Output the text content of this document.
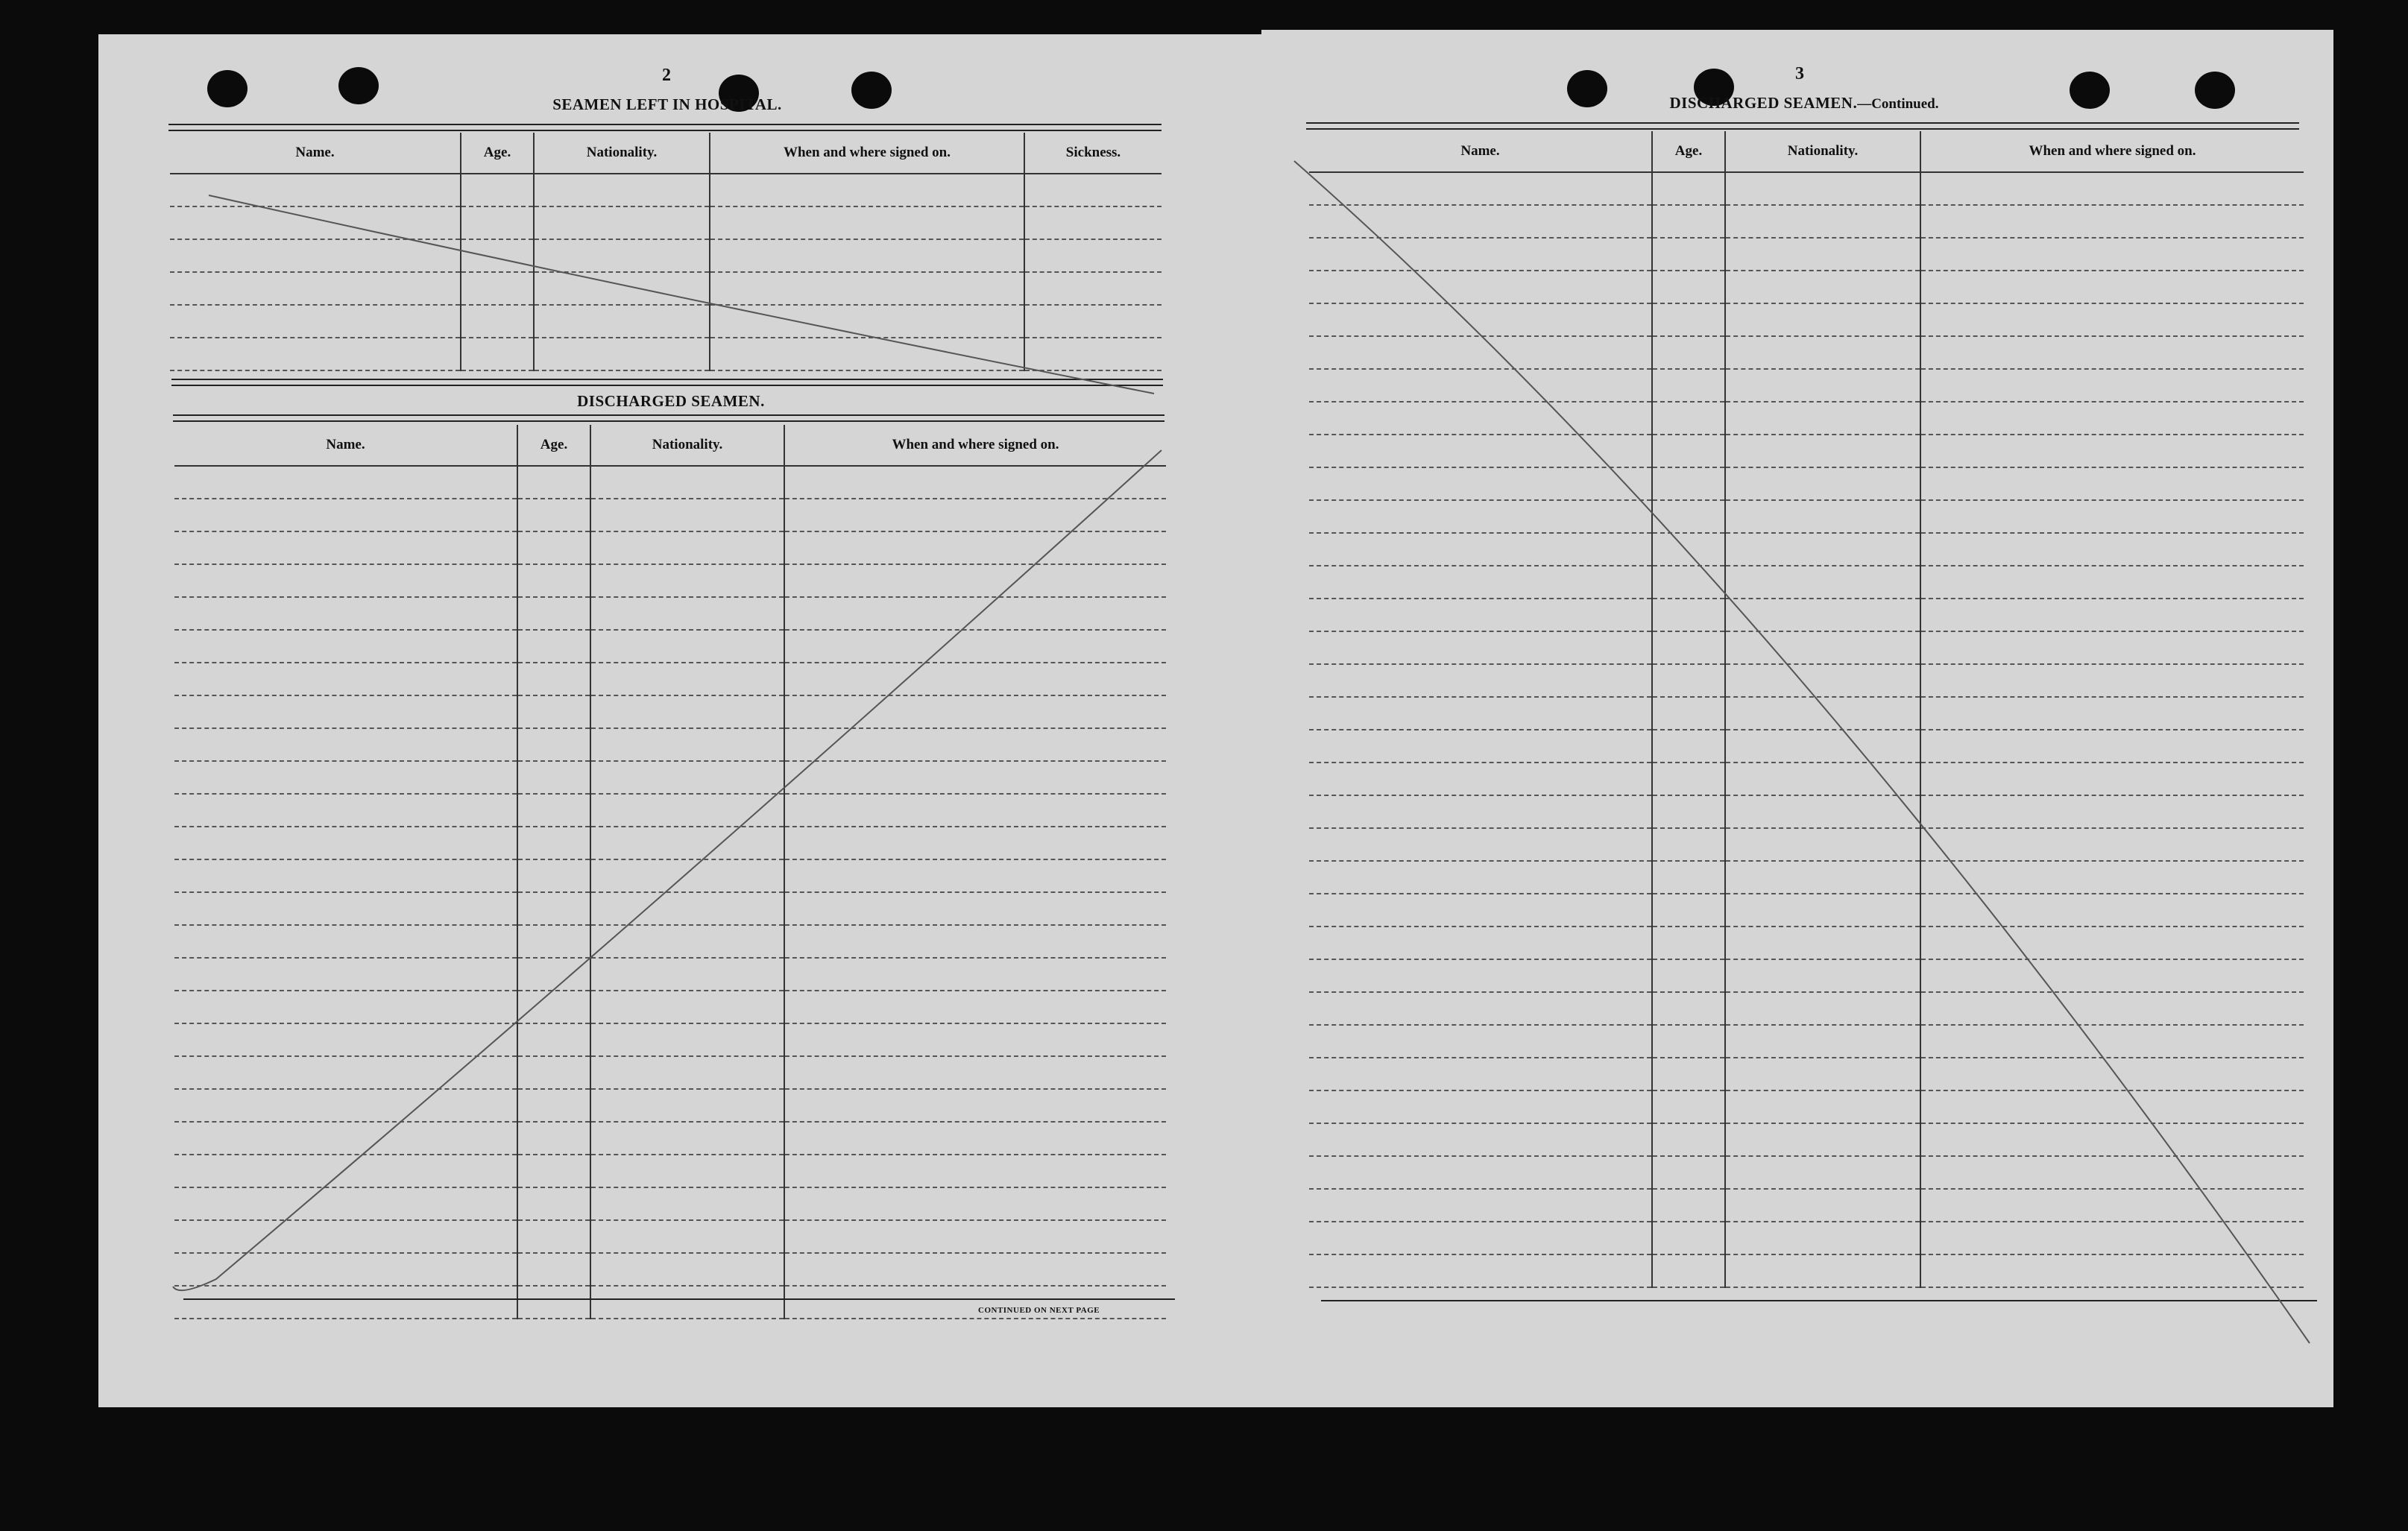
2
SEAMEN LEFT IN HOSPITAL.
Name.	Age.	Nationality.	When and where signed on.	Sickness.

DISCHARGED SEAMEN.
Name.	Age.	Nationality.	When and where signed on.

CONTINUED ON NEXT PAGE
3
DISCHARGED SEAMEN.—Continued.
Name.	Age.	Nationality.	When and where signed on.
